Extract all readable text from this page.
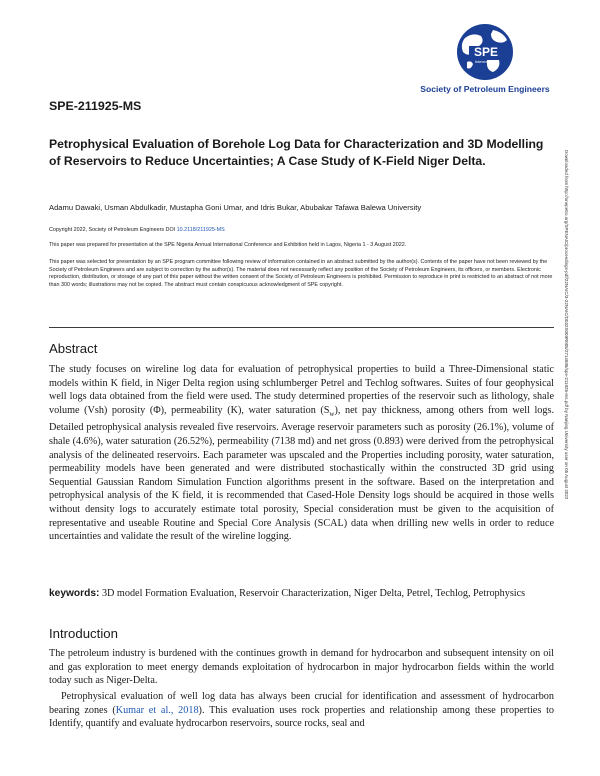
SPE
International
Society of Petroleum Engineers
Downloaded from http://onepetro.org/SPENAIC/proceedings-pdf/22NAIC/3-22NAIC/D032S009R005/2714595/spe-211925-ms.pdf by Nanjing University user on 05 August 2022
SPE-211925-MS
Petrophysical Evaluation of Borehole Log Data for Characterization and 3D Modelling of Reservoirs to Reduce Uncertainties; A Case Study of K-Field Niger Delta.
Adamu Dawaki, Usman Abdulkadir, Mustapha Goni Umar, and Idris Bukar, Abubakar Tafawa Balewa University
Copyright 2022, Society of Petroleum Engineers DOI 10.2118/211925-MS
This paper was prepared for presentation at the SPE Nigeria Annual International Conference and Exhibition held in Lagos, Nigeria 1 - 3 August 2022.
This paper was selected for presentation by an SPE program committee following review of information contained in an abstract submitted by the author(s). Contents of the paper have not been reviewed by the Society of Petroleum Engineers and are subject to correction by the author(s). The material does not necessarily reflect any position of the Society of Petroleum Engineers, its officers, or members. Electronic reproduction, distribution, or storage of any part of this paper without the written consent of the Society of Petroleum Engineers is prohibited. Permission to reproduce in print is restricted to an abstract of not more than 300 words; illustrations may not be copied. The abstract must contain conspicuous acknowledgment of SPE copyright.
Abstract

The study focuses on wireline log data for evaluation of petrophysical properties to build a Three-Dimensional static models within K field, in Niger Delta region using schlumberger Petrel and Techlog softwares. Suites of four geophysical well logs data obtained from the field were used. The study determined properties of the reservoir such as lithology, shale volume (Vsh) porosity (Φ), permeability (K), water saturation $(S_w)$, net pay thickness, among others from well logs. Detailed petrophysical analysis revealed five reservoirs. Average reservoir parameters such as porosity (26.1%), volume of shale (4.6%), water saturation (26.52%), permeability (7138 md) and net gross (0.893) were derived from the petrophysical analysis of the delineated reservoirs. Each parameter was upscaled and the Properties including porosity, water saturation, permeability models have been generated and were distributed stochastically within the constructed 3D grid using Sequential Gaussian Random Simulation Function algorithms present in the software. Based on the interpretation and petrophysical analysis of the K field, it is recommended that Cased-Hole Density logs should be acquired in those wells without density logs to accurately estimate total porosity, Special consideration must be given to the acquisition of representative and useable Routine and Special Core Analysis (SCAL) data when drilling new wells in order to reduce uncertainties and validate the result of the wireline logging.

keywords: 3D model Formation Evaluation, Reservoir Characterization, Niger Delta, Petrel, Techlog, Petrophysics

Introduction

The petroleum industry is burdened with the continues growth in demand for hydrocarbon and subsequent intensity on oil and gas exploration to meet energy demands exploitation of hydrocarbon in major hydrocarbon fields within the world today such as Niger-Delta.

Petrophysical evaluation of well log data has always been crucial for identification and assessment of hydrocarbon bearing zones (Kumar et al., 2018). This evaluation uses rock properties and relationship among these properties to Identify, quantify and evaluate hydrocarbon reservoirs, source rocks, seal and
